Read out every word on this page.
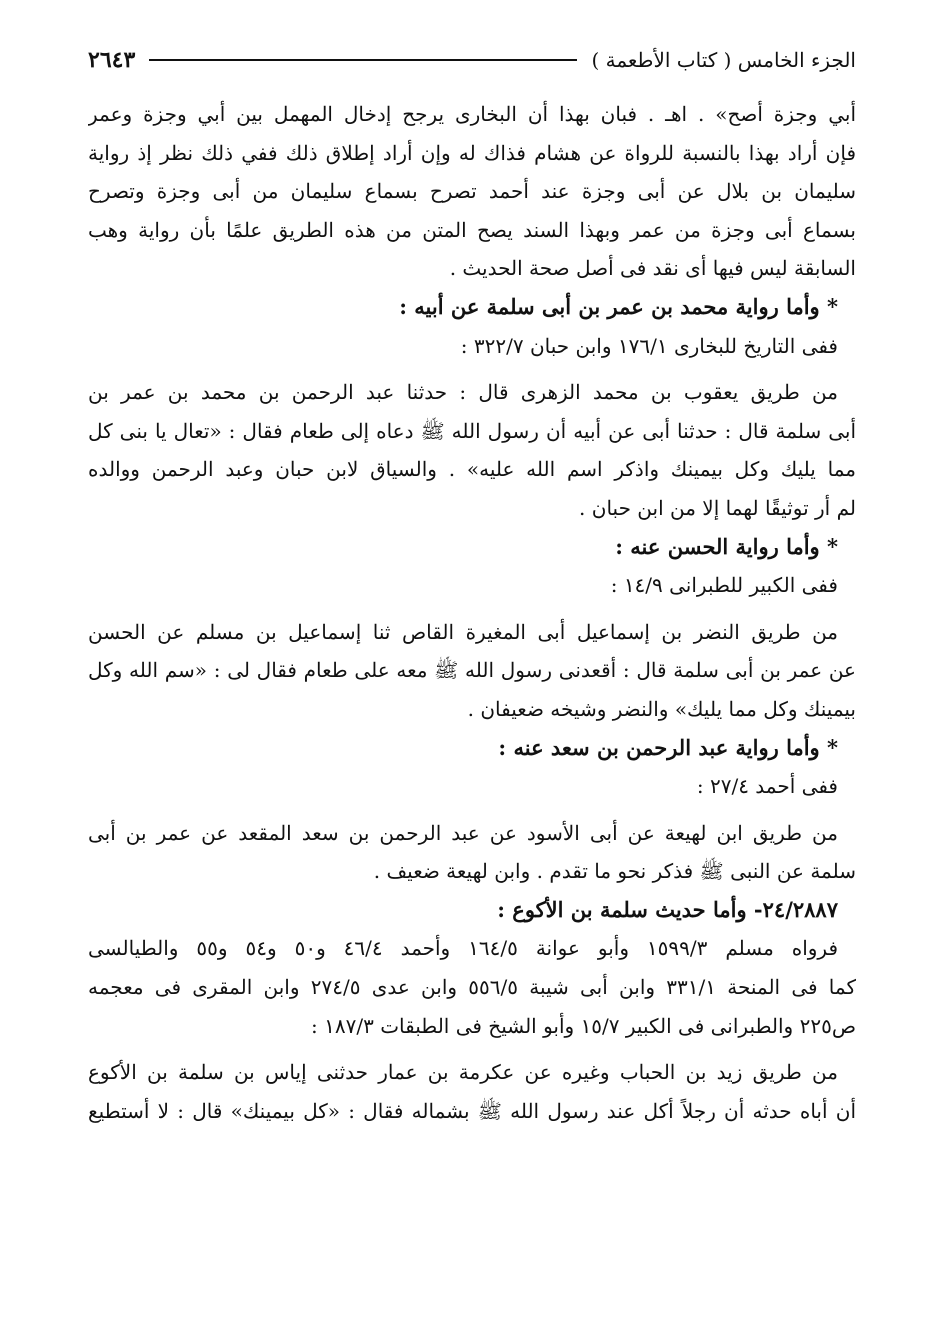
الجزء الخامس ( كتاب الأطعمة )
٢٦٤٣
أبي وجزة أصح» . اهـ . فبان بهذا أن البخارى يرجح إدخال المهمل بين أبي وجزة وعمر
فإن أراد بهذا بالنسبة للرواة عن هشام فذاك له وإن أراد إطلاق ذلك ففي ذلك نظر إذ رواية
سليمان بن بلال عن أبى وجزة عند أحمد تصرح بسماع سليمان من أبى وجزة وتصرح
بسماع أبى وجزة من عمر وبهذا السند يصح المتن من هذه الطريق علمًا بأن رواية وهب
السابقة ليس فيها أى نقد فى أصل صحة الحديث .
* وأما رواية محمد بن عمر بن أبى سلمة عن أبيه :
ففى التاريخ للبخارى ١٧٦/١ وابن حبان ٣٢٢/٧ :
من طريق يعقوب بن محمد الزهرى قال : حدثنا عبد الرحمن بن محمد بن عمر بن
أبى سلمة قال : حدثنا أبى عن أبيه أن رسول الله ﷺ دعاه إلى طعام فقال : «تعال يا بنى كل
مما يليك وكل بيمينك واذكر اسم الله عليه» . والسياق لابن حبان وعبد الرحمن ووالده
لم أر توثيقًا لهما إلا من ابن حبان .
* وأما رواية الحسن عنه :
ففى الكبير للطبرانى ١٤/٩ :
من طريق النضر بن إسماعيل أبى المغيرة القاص ثنا إسماعيل بن مسلم عن الحسن
عن عمر بن أبى سلمة قال : أقعدنى رسول الله ﷺ معه على طعام فقال لى : «سم الله وكل
بيمينك وكل مما يليك» والنضر وشيخه ضعيفان .
* وأما رواية عبد الرحمن بن سعد عنه :
ففى أحمد ٢٧/٤ :
من طريق ابن لهيعة عن أبى الأسود عن عبد الرحمن بن سعد المقعد عن عمر بن أبى
سلمة عن النبى ﷺ فذكر نحو ما تقدم . وابن لهيعة ضعيف .
٢٤/٢٨٨٧- وأما حديث سلمة بن الأكوع :
فرواه مسلم ١٥٩٩/٣ وأبو عوانة ١٦٤/٥ وأحمد ٤٦/٤ و٥٠ و٥٤ و٥٥ والطيالسى
كما فى المنحة ٣٣١/١ وابن أبى شيبة ٥٥٦/٥ وابن عدى ٢٧٤/٥ وابن المقرى فى معجمه
ص٢٢٥ والطبرانى فى الكبير ١٥/٧ وأبو الشيخ فى الطبقات ١٨٧/٣ :
من طريق زيد بن الحباب وغيره عن عكرمة بن عمار حدثنى إياس بن سلمة بن الأكوع
أن أباه حدثه أن رجلاً أكل عند رسول الله ﷺ بشماله فقال : «كل بيمينك» قال : لا أستطيع
